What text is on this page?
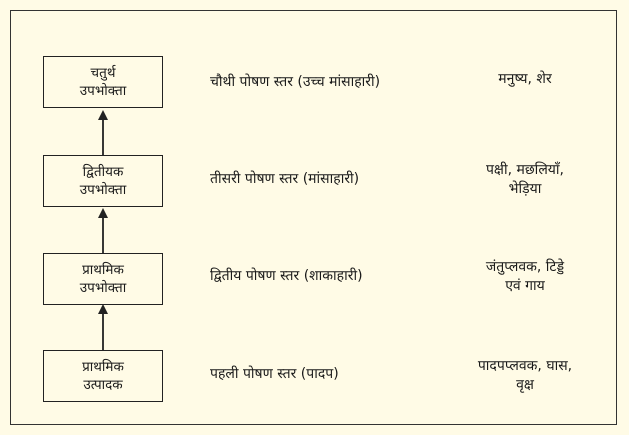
चतुर्थ
उपभोक्ता
चौथी पोषण स्तर (उच्च मांसाहारी)	मनुष्य, शेर
द्वितीयक
उपभोक्ता
तीसरी पोषण स्तर (मांसाहारी)
पक्षी, मछलियाँ,
भेड़िया
प्राथमिक
उपभोक्ता
द्वितीय पोषण स्तर (शाकाहारी)
जंतुप्लवक, टिड्डे
एवं गाय
प्राथमिक
उत्पादक
पहली पोषण स्तर (पादप)	पादपप्लवक, घास,
वृक्ष
